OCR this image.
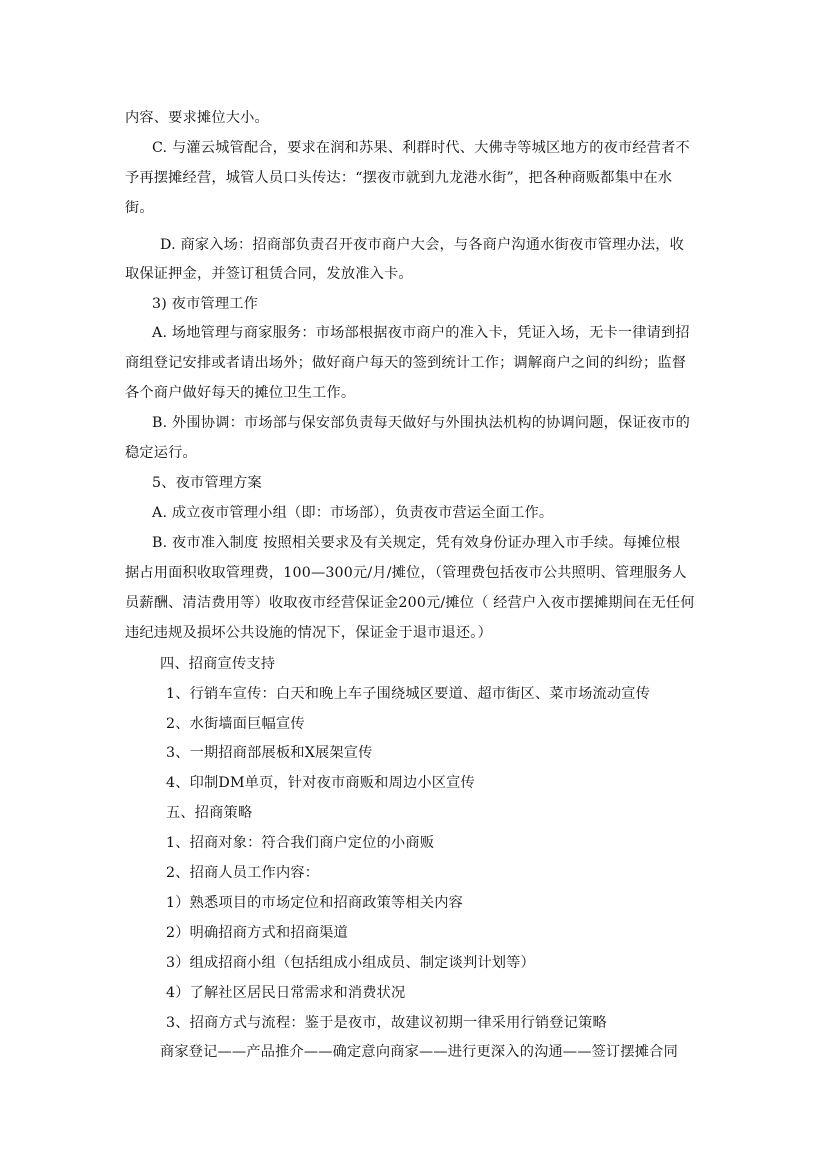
内容、要求摊位大小。
C. 与灌云城管配合，要求在润和苏果、利群时代、大佛寺等城区地方的夜市经营者不
予再摆摊经营，城管人员口头传达：“摆夜市就到九龙港水街”，把各种商贩都集中在水
街。
D. 商家入场：招商部负责召开夜市商户大会，与各商户沟通水街夜市管理办法，收
取保证押金，并签订租赁合同，发放准入卡。
3) 夜市管理工作
A. 场地管理与商家服务：市场部根据夜市商户的准入卡，凭证入场，无卡一律请到招
商组登记安排或者请出场外；做好商户每天的签到统计工作；调解商户之间的纠纷；监督
各个商户做好每天的摊位卫生工作。
B. 外围协调：市场部与保安部负责每天做好与外围执法机构的协调问题，保证夜市的
稳定运行。
5、夜市管理方案
A. 成立夜市管理小组（即：市场部），负责夜市营运全面工作。
B. 夜市准入制度 按照相关要求及有关规定，凭有效身份证办理入市手续。每摊位根
据占用面积收取管理费，100—300元/月/摊位，（管理费包括夜市公共照明、管理服务人
员薪酬、清洁费用等）收取夜市经营保证金200元/摊位（ 经营户入夜市摆摊期间在无任何
违纪违规及损坏公共设施的情况下，保证金于退市退还。）
四、招商宣传支持
1、行销车宣传：白天和晚上车子围绕城区要道、超市街区、菜市场流动宣传
2、水街墙面巨幅宣传
3、一期招商部展板和X展架宣传
4、印制DM单页，针对夜市商贩和周边小区宣传
五、招商策略
1、招商对象：符合我们商户定位的小商贩
2、招商人员工作内容：
1）熟悉项目的市场定位和招商政策等相关内容
2）明确招商方式和招商渠道
3）组成招商小组（包括组成小组成员、制定谈判计划等）
4）了解社区居民日常需求和消费状况
3、招商方式与流程：鉴于是夜市，故建议初期一律采用行销登记策略
商家登记——产品推介——确定意向商家——进行更深入的沟通——签订摆摊合同
